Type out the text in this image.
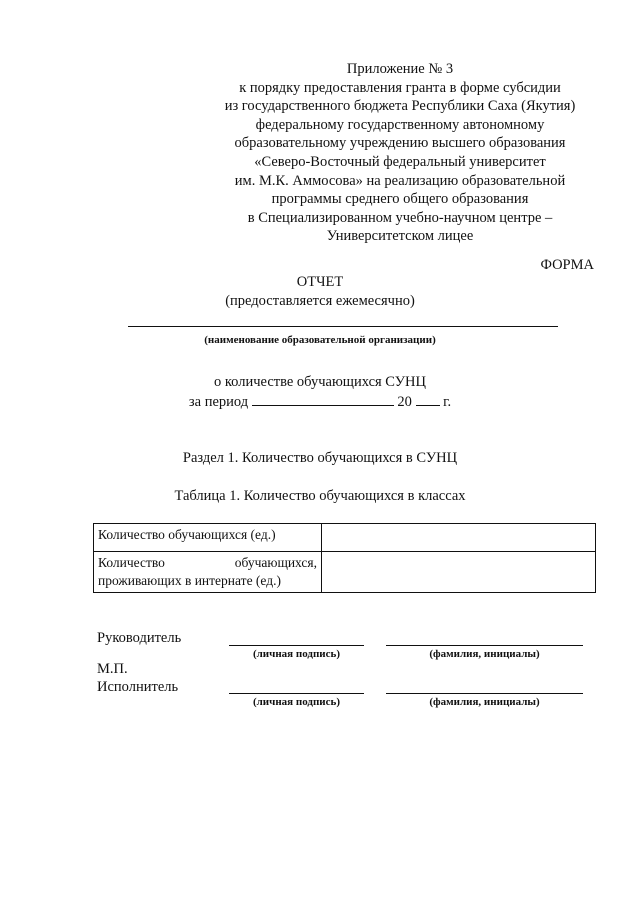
Приложение № 3
к порядку предоставления гранта в форме субсидии
из государственного бюджета Республики Саха (Якутия)
федеральному государственному автономному
образовательному учреждению высшего образования
«Северо-Восточный федеральный университет
им. М.К. Аммосова» на реализацию образовательной
программы среднего общего образования
в Специализированном учебно-научном центре –
Университетском лицее
ФОРМА
ОТЧЕТ
(предоставляется ежемесячно)
(наименование образовательной организации)
о количестве обучающихся СУНЦ
за период	20 г.
Раздел 1. Количество обучающихся в СУНЦ
Таблица 1. Количество обучающихся в классах
Количество обучающихся (ед.)	

Количество обучающихся,
проживающих в интернате (ед.)	

Руководитель
(личная подпись)	(фамилия, инициалы)
М.П.
Исполнитель
(личная подпись)	(фамилия, инициалы)
